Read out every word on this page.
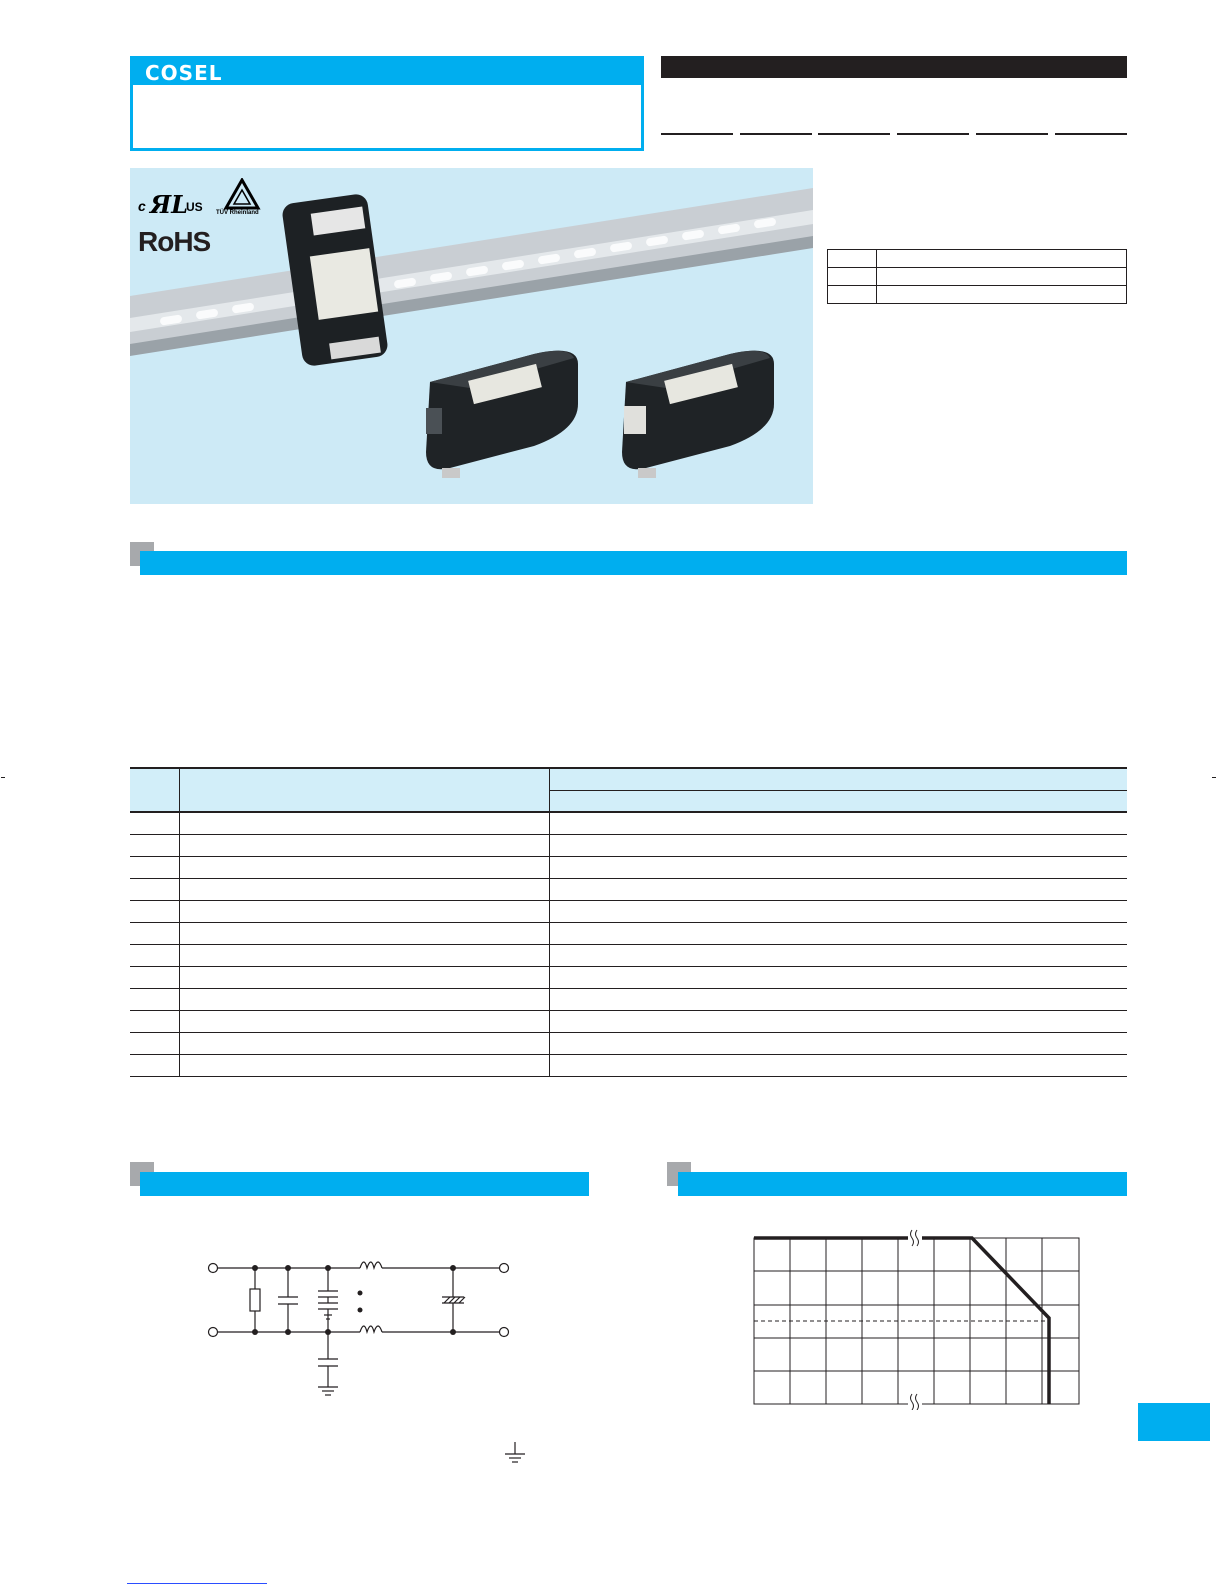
COSEL
c ЯL
US TÜV Rheinland
RoHS
